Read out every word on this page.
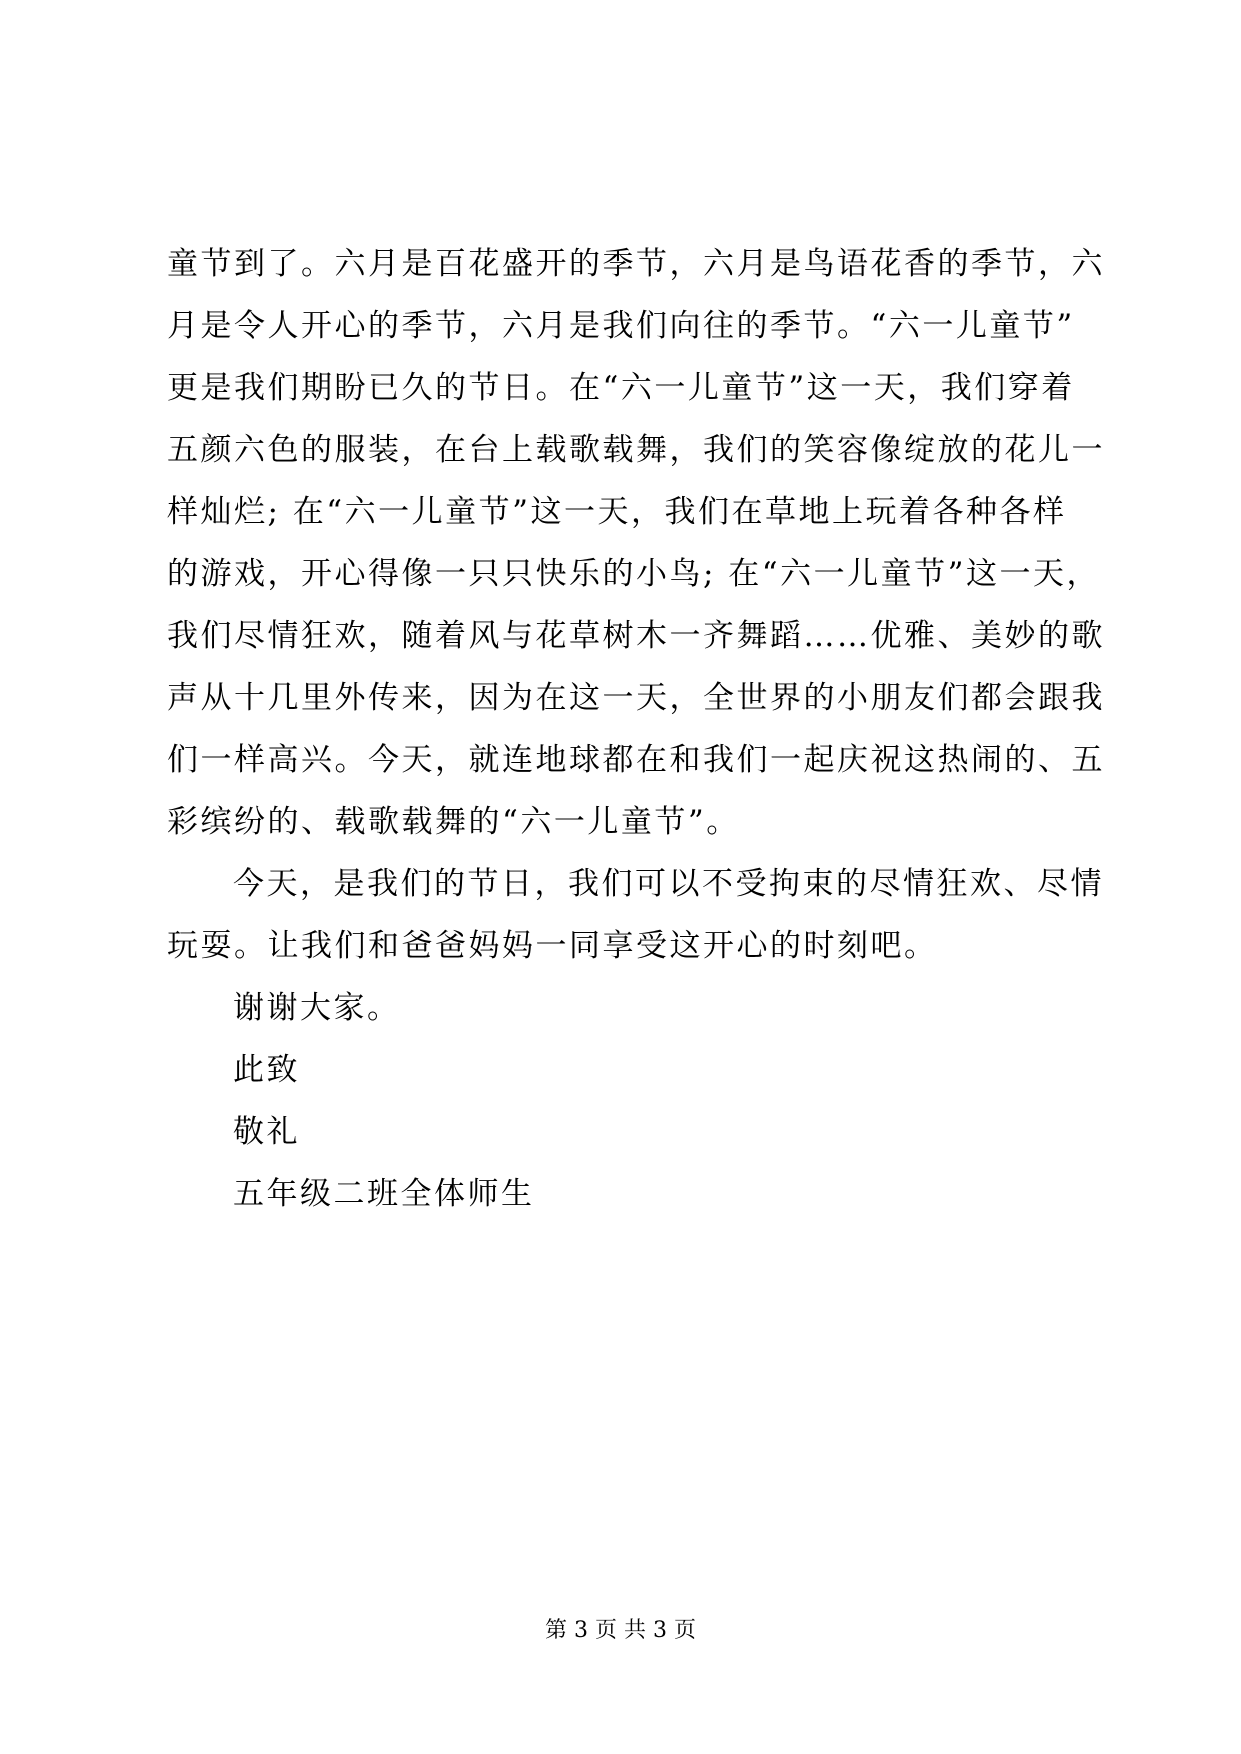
童节到了。六月是百花盛开的季节，六月是鸟语花香的季节，六
月是令人开心的季节，六月是我们向往的季节。“六一儿童节”
更是我们期盼已久的节日。在“六一儿童节”这一天，我们穿着
五颜六色的服装，在台上载歌载舞，我们的笑容像绽放的花儿一
样灿烂; 在“六一儿童节”这一天，我们在草地上玩着各种各样
的游戏，开心得像一只只快乐的小鸟; 在“六一儿童节”这一天，
我们尽情狂欢，随着风与花草树木一齐舞蹈……优雅、美妙的歌
声从十几里外传来，因为在这一天，全世界的小朋友们都会跟我
们一样高兴。今天，就连地球都在和我们一起庆祝这热闹的、五
彩缤纷的、载歌载舞的“六一儿童节”。
今天，是我们的节日，我们可以不受拘束的尽情狂欢、尽情
玩耍。让我们和爸爸妈妈一同享受这开心的时刻吧。
谢谢大家。
此致
敬礼
五年级二班全体师生
第 3 页 共 3 页
